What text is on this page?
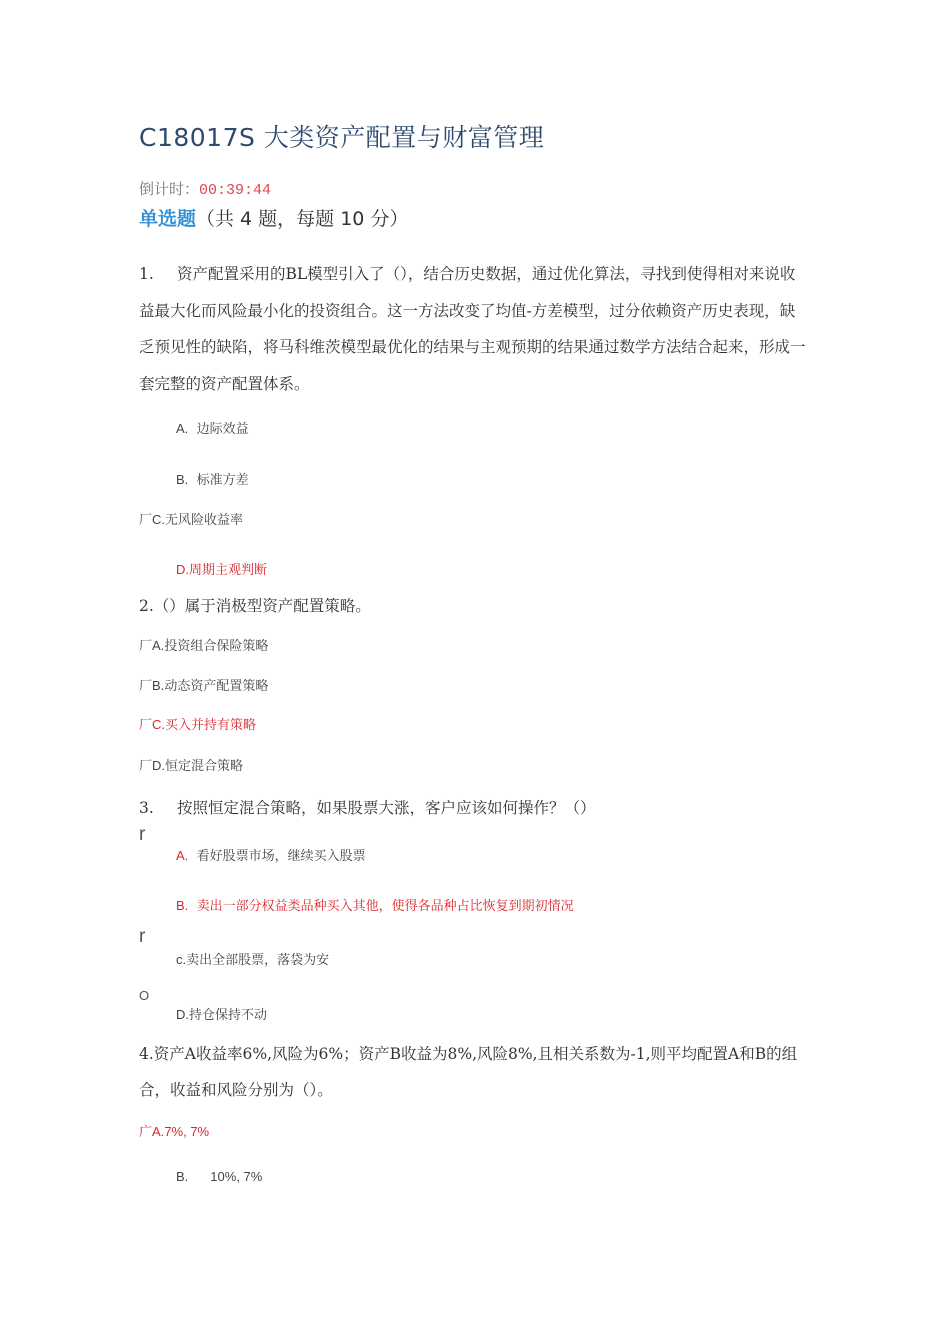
C18017S 大类资产配置与财富管理
倒计时：00:39:44
单选题（共 4 题，每题 10 分）
1. 资产配置采用的BL模型引入了（），结合历史数据，通过优化算法，寻找到使得相对来说收益最大化而风险最小化的投资组合。这一方法改变了均值-方差模型，过分依赖资产历史表现，缺乏预见性的缺陷，将马科维茨模型最优化的结果与主观预期的结果通过数学方法结合起来，形成一套完整的资产配置体系。
A. 边际效益
B. 标准方差
厂C.无风险收益率
D.周期主观判断
2.（）属于消极型资产配置策略。
厂A.投资组合保险策略
厂B.动态资产配置策略
厂C.买入并持有策略
厂D.恒定混合策略
3. 按照恒定混合策略，如果股票大涨，客户应该如何操作？（）
r
A. 看好股票市场，继续买入股票
B. 卖出一部分权益类品种买入其他，使得各品种占比恢复到期初情况
r
c.卖出全部股票，落袋为安
O
D.持仓保持不动
4.资产A收益率6%,风险为6%；资产B收益为8%,风险8%,且相关系数为-1,则平均配置A和B的组合，收益和风险分别为（）。
广A.7%, 7%
B. 10%, 7%
